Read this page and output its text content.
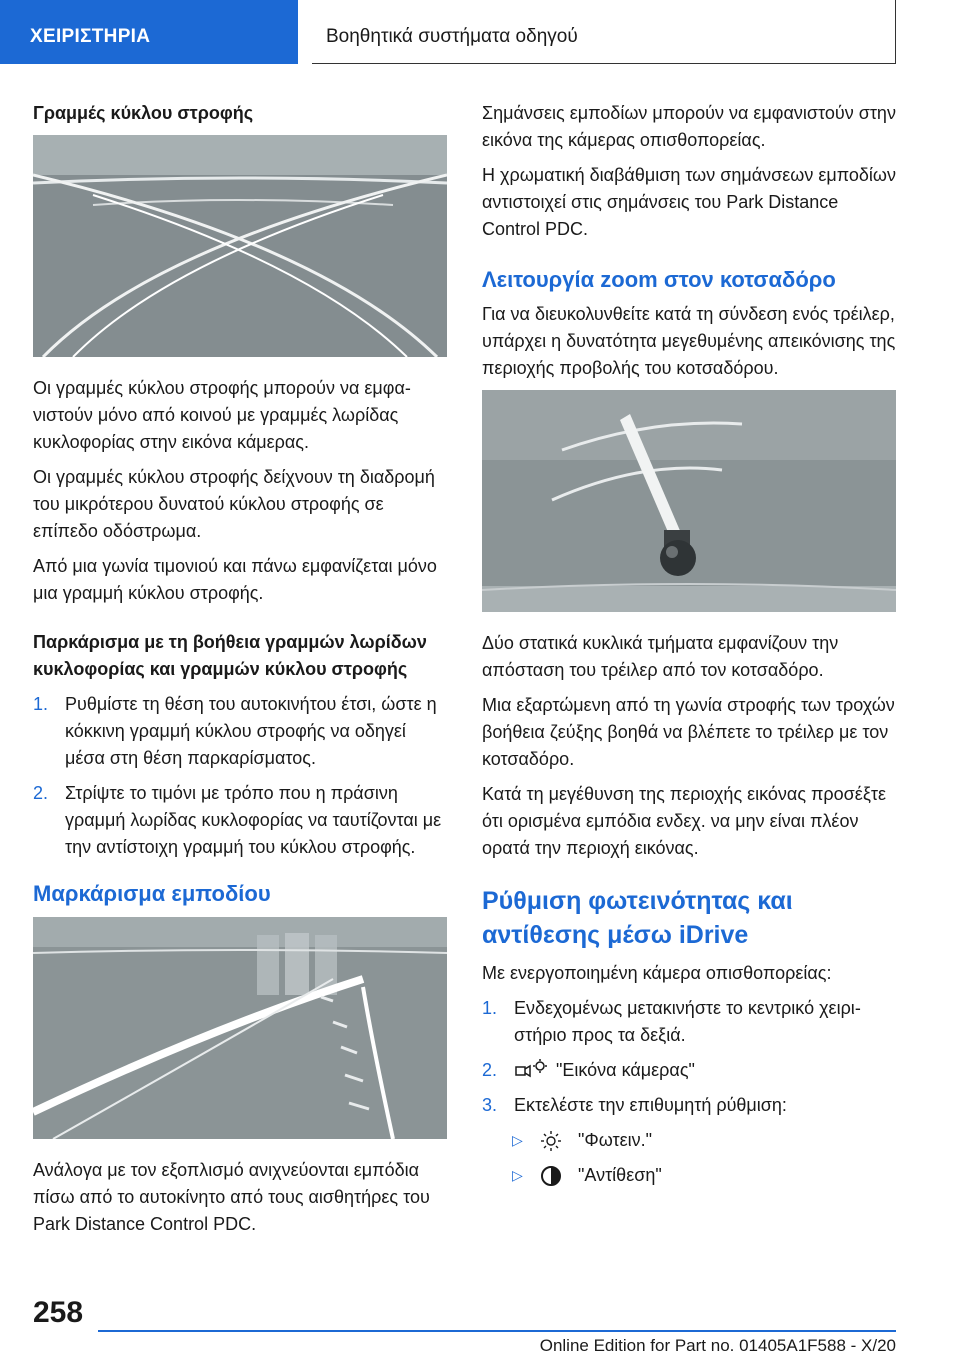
ΧΕΙΡΙΣΤΗΡΙΑ	Βοηθητικά συστήματα οδηγού
Γραμμές κύκλου στροφής

Οι γραμμές κύκλου στροφής μπορούν να εμφανιστούν μόνο από κοινού με γραμμές λωρίδας κυκλοφορίας στην εικόνα κάμερας.

Οι γραμμές κύκλου στροφής δείχνουν τη διαδρομή του μικρότερου δυνατού κύκλου στροφής σε επίπεδο οδόστρωμα.

Από μια γωνία τιμονιού και πάνω εμφανίζεται μόνο μια γραμμή κύκλου στροφής.

Παρκάρισμα με τη βοήθεια γραμμών λωρίδων κυκλοφορίας και γραμμών κύκλου στροφής
1. Ρυθμίστε τη θέση του αυτοκινήτου έτσι, ώστε η κόκκινη γραμμή κύκλου στροφής να οδηγεί μέσα στη θέση παρκαρίσματος.
2. Στρίψτε το τιμόνι με τρόπο που η πράσινη γραμμή λωρίδας κυκλοφορίας να ταυτίζονται με την αντίστοιχη γραμμή του κύκλου στροφής.
Μαρκάρισμα εμποδίου

Ανάλογα με τον εξοπλισμό ανιχνεύονται εμπόδια πίσω από το αυτοκίνητο από τους αισθητήρες του Park Distance Control PDC.

Σημάνσεις εμποδίων μπορούν να εμφανιστούν στην εικόνα της κάμερας οπισθοπορείας.

Η χρωματική διαβάθμιση των σημάνσεων εμποδίων αντιστοιχεί στις σημάνσεις του Park Distance Control PDC.

Λειτουργία zoom στον κοτσαδόρο

Για να διευκολυνθείτε κατά τη σύνδεση ενός τρέιλερ, υπάρχει η δυνατότητα μεγεθυμένης απεικόνισης της περιοχής προβολής του κοτσαδόρου.

Δύο στατικά κυκλικά τμήματα εμφανίζουν την απόσταση του τρέιλερ από τον κοτσαδόρο.

Μια εξαρτώμενη από τη γωνία στροφής των τροχών βοήθεια ζεύξης βοηθά να βλέπετε το τρέιλερ με τον κοτσαδόρο.

Κατά τη μεγέθυνση της περιοχής εικόνας προσέξτε ότι ορισμένα εμπόδια ενδεχ. να μην είναι πλέον ορατά την περιοχή εικόνας.

Ρύθμιση φωτεινότητας και αντίθεσης μέσω iDrive

Με ενεργοποιημένη κάμερα οπισθοπορείας:

1. Ενδεχομένως μετακινήστε το κεντρικό χειριστήριο προς τα δεξιά.
2.	"Εικόνα κάμερας"
3. Εκτελέστε την επιθυμητή ρύθμιση:
▷	"Φωτειν."
▷	"Αντίθεση"
258
Online Edition for Part no. 01405A1F588 - X/20
